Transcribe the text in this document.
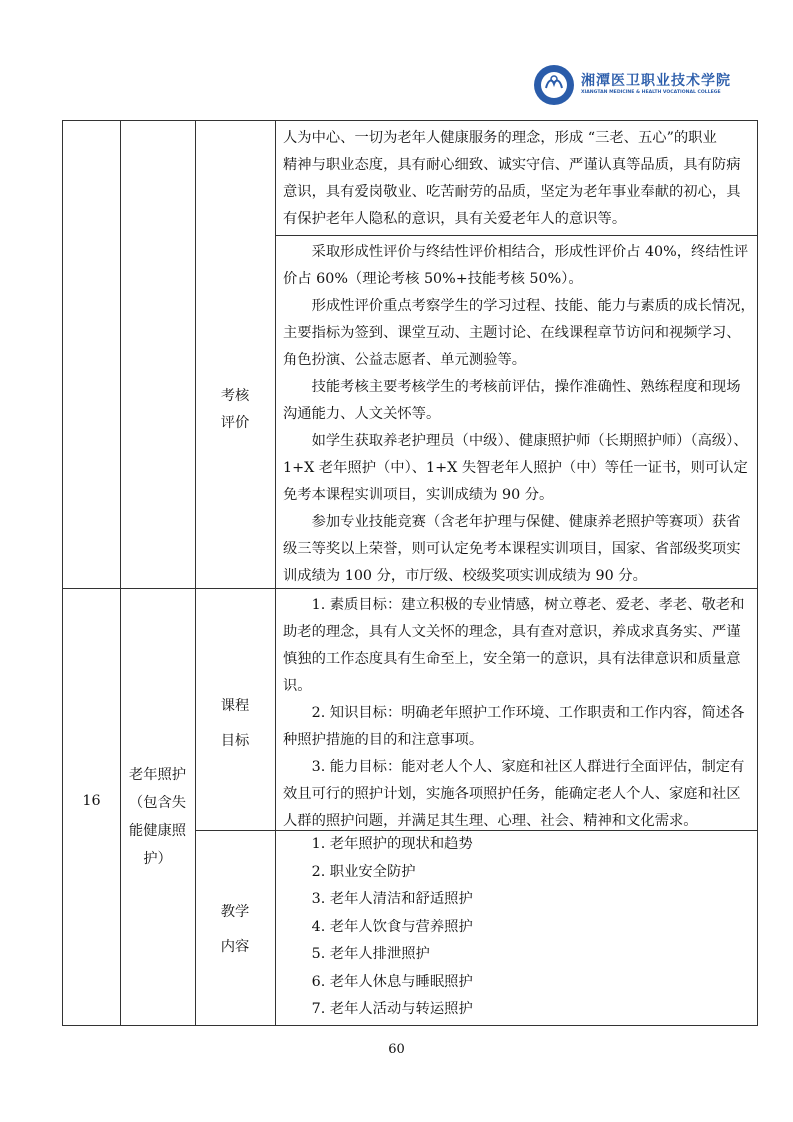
湘潭医卫职业技术学院
XIANGTAN MEDICINE & HEALTH VOCATIONAL COLLEGE
人为中心、一切为老年人健康服务的理念，形成 “三老、五心”的职业
精神与职业态度，具有耐心细致、诚实守信、严谨认真等品质，具有防病
意识，具有爱岗敬业、吃苦耐劳的品质，坚定为老年事业奉献的初心，具
有保护老年人隐私的意识，具有关爱老年人的意识等。
考核
评价
　　采取形成性评价与终结性评价相结合，形成性评价占 40%，终结性评
价占 60%（理论考核 50%+技能考核 50%）。
　　形成性评价重点考察学生的学习过程、技能、能力与素质的成长情况，
主要指标为签到、课堂互动、主题讨论、在线课程章节访问和视频学习、
角色扮演、公益志愿者、单元测验等。
　　技能考核主要考核学生的考核前评估，操作准确性、熟练程度和现场
沟通能力、人文关怀等。
　　如学生获取养老护理员（中级）、健康照护师（长期照护师）（高级）、
1+X 老年照护（中）、1+X 失智老年人照护（中）等任一证书，则可认定
免考本课程实训项目，实训成绩为 90 分。
　　参加专业技能竞赛（含老年护理与保健、健康养老照护等赛项）获省
级三等奖以上荣誉，则可认定免考本课程实训项目，国家、省部级奖项实
训成绩为 100 分，市厅级、校级奖项实训成绩为 90 分。
16
老年照护
（包含失
能健康照
护）
课程
目标
　　1. 素质目标：建立积极的专业情感，树立尊老、爱老、孝老、敬老和
助老的理念，具有人文关怀的理念，具有查对意识，养成求真务实、严谨
慎独的工作态度具有生命至上，安全第一的意识，具有法律意识和质量意
识。
　　2. 知识目标：明确老年照护工作环境、工作职责和工作内容，简述各
种照护措施的目的和注意事项。
　　3. 能力目标：能对老人个人、家庭和社区人群进行全面评估，制定有
效且可行的照护计划，实施各项照护任务，能确定老人个人、家庭和社区
人群的照护问题，并满足其生理、心理、社会、精神和文化需求。
教学
内容
　　1. 老年照护的现状和趋势
　　2. 职业安全防护
　　3. 老年人清洁和舒适照护
　　4. 老年人饮食与营养照护
　　5. 老年人排泄照护
　　6. 老年人休息与睡眠照护
　　7. 老年人活动与转运照护
60
